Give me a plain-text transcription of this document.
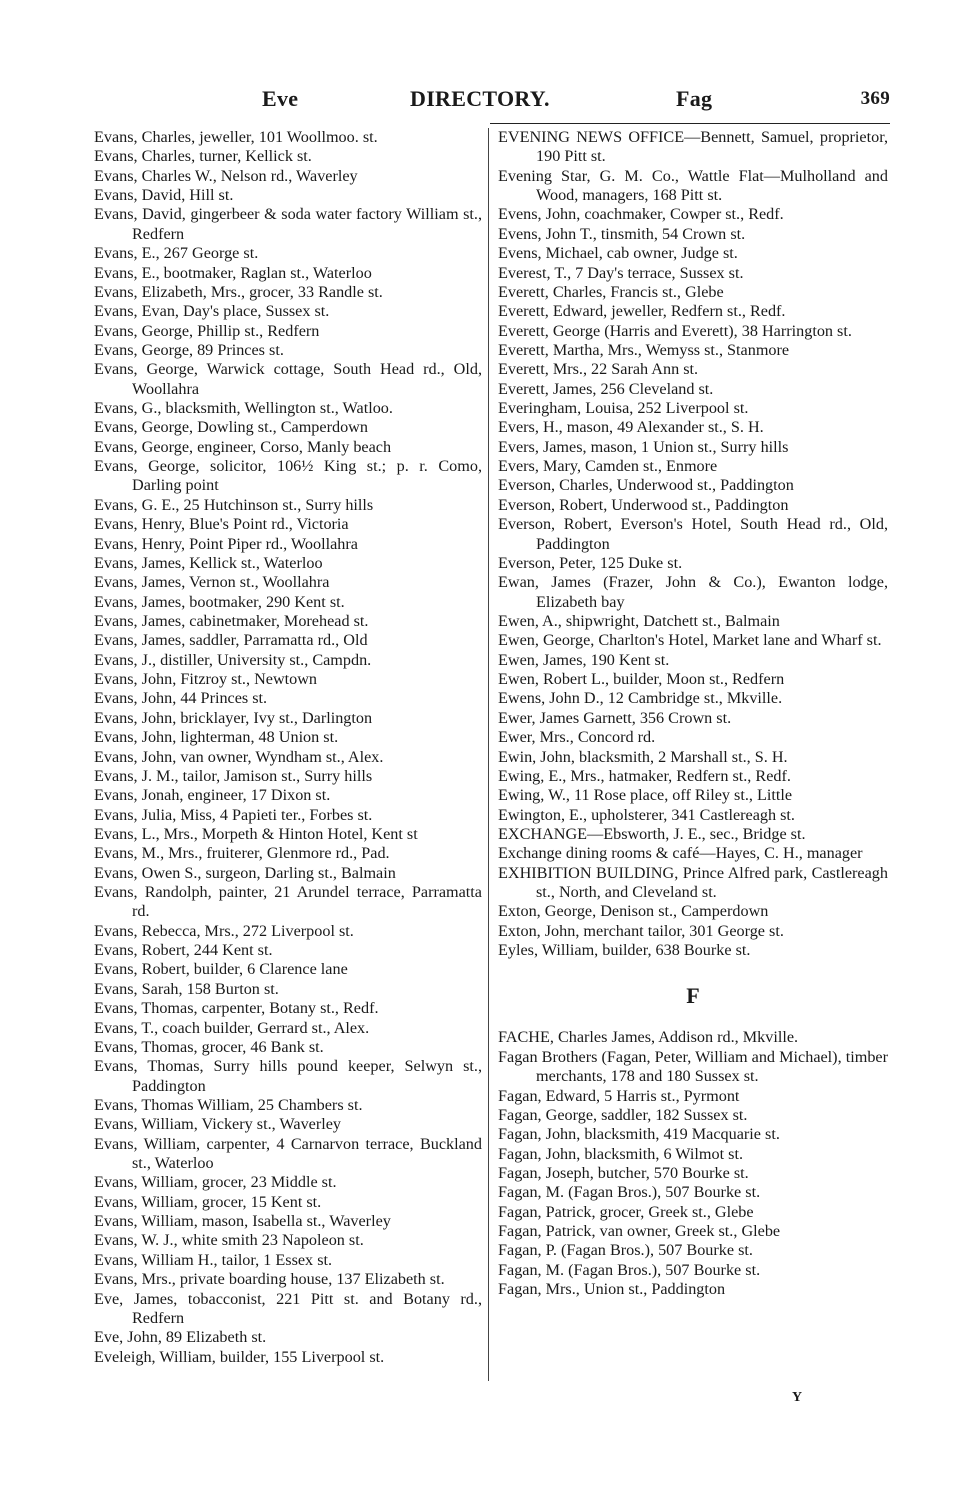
Eve	DIRECTORY.	Fag	369
Evans, Charles, jeweller, 101 Woollmoo. st.
Evans, Charles, turner, Kellick st.
Evans, Charles W., Nelson rd., Waverley
Evans, David, Hill st.
Evans, David, gingerbeer & soda water factory William st., Redfern
Evans, E., 267 George st.
Evans, E., bootmaker, Raglan st., Waterloo
Evans, Elizabeth, Mrs., grocer, 33 Randle st.
Evans, Evan, Day's place, Sussex st.
Evans, George, Phillip st., Redfern
Evans, George, 89 Princes st.
Evans, George, Warwick cottage, South Head rd., Old, Woollahra
Evans, G., blacksmith, Wellington st., Watloo.
Evans, George, Dowling st., Camperdown
Evans, George, engineer, Corso, Manly beach
Evans, George, solicitor, 106½ King st.; p. r. Como, Darling point
Evans, G. E., 25 Hutchinson st., Surry hills
Evans, Henry, Blue's Point rd., Victoria
Evans, Henry, Point Piper rd., Woollahra
Evans, James, Kellick st., Waterloo
Evans, James, Vernon st., Woollahra
Evans, James, bootmaker, 290 Kent st.
Evans, James, cabinetmaker, Morehead st.
Evans, James, saddler, Parramatta rd., Old
Evans, J., distiller, University st., Campdn.
Evans, John, Fitzroy st., Newtown
Evans, John, 44 Princes st.
Evans, John, bricklayer, Ivy st., Darlington
Evans, John, lighterman, 48 Union st.
Evans, John, van owner, Wyndham st., Alex.
Evans, J. M., tailor, Jamison st., Surry hills
Evans, Jonah, engineer, 17 Dixon st.
Evans, Julia, Miss, 4 Papieti ter., Forbes st.
Evans, L., Mrs., Morpeth & Hinton Hotel, Kent st
Evans, M., Mrs., fruiterer, Glenmore rd., Pad.
Evans, Owen S., surgeon, Darling st., Balmain
Evans, Randolph, painter, 21 Arundel terrace, Parramatta rd.
Evans, Rebecca, Mrs., 272 Liverpool st.
Evans, Robert, 244 Kent st.
Evans, Robert, builder, 6 Clarence lane
Evans, Sarah, 158 Burton st.
Evans, Thomas, carpenter, Botany st., Redf.
Evans, T., coach builder, Gerrard st., Alex.
Evans, Thomas, grocer, 46 Bank st.
Evans, Thomas, Surry hills pound keeper, Selwyn st., Paddington
Evans, Thomas William, 25 Chambers st.
Evans, William, Vickery st., Waverley
Evans, William, carpenter, 4 Carnarvon terrace, Buckland st., Waterloo
Evans, William, grocer, 23 Middle st.
Evans, William, grocer, 15 Kent st.
Evans, William, mason, Isabella st., Waverley
Evans, W. J., white smith 23 Napoleon st.
Evans, William H., tailor, 1 Essex st.
Evans, Mrs., private boarding house, 137 Elizabeth st.
Eve, James, tobacconist, 221 Pitt st. and Botany rd., Redfern
Eve, John, 89 Elizabeth st.
Eveleigh, William, builder, 155 Liverpool st.
EVENING NEWS OFFICE—Bennett, Samuel, proprietor, 190 Pitt st.
Evening Star, G. M. Co., Wattle Flat—Mulholland and Wood, managers, 168 Pitt st.
Evens, John, coachmaker, Cowper st., Redf.
Evens, John T., tinsmith, 54 Crown st.
Evens, Michael, cab owner, Judge st.
Everest, T., 7 Day's terrace, Sussex st.
Everett, Charles, Francis st., Glebe
Everett, Edward, jeweller, Redfern st., Redf.
Everett, George (Harris and Everett), 38 Harrington st.
Everett, Martha, Mrs., Wemyss st., Stanmore
Everett, Mrs., 22 Sarah Ann st.
Everett, James, 256 Cleveland st.
Everingham, Louisa, 252 Liverpool st.
Evers, H., mason, 49 Alexander st., S. H.
Evers, James, mason, 1 Union st., Surry hills
Evers, Mary, Camden st., Enmore
Everson, Charles, Underwood st., Paddington
Everson, Robert, Underwood st., Paddington
Everson, Robert, Everson's Hotel, South Head rd., Old, Paddington
Everson, Peter, 125 Duke st.
Ewan, James (Frazer, John & Co.), Ewanton lodge, Elizabeth bay
Ewen, A., shipwright, Datchett st., Balmain
Ewen, George, Charlton's Hotel, Market lane and Wharf st.
Ewen, James, 190 Kent st.
Ewen, Robert L., builder, Moon st., Redfern
Ewens, John D., 12 Cambridge st., Mkville.
Ewer, James Garnett, 356 Crown st.
Ewer, Mrs., Concord rd.
Ewin, John, blacksmith, 2 Marshall st., S. H.
Ewing, E., Mrs., hatmaker, Redfern st., Redf.
Ewing, W., 11 Rose place, off Riley st., Little
Ewington, E., upholsterer, 341 Castlereagh st.
EXCHANGE—Ebsworth, J. E., sec., Bridge st.
Exchange dining rooms & café—Hayes, C. H., manager
EXHIBITION BUILDING, Prince Alfred park, Castlereagh st., North, and Cleveland st.
Exton, George, Denison st., Camperdown
Exton, John, merchant tailor, 301 George st.
Eyles, William, builder, 638 Bourke st.
F
FACHE, Charles James, Addison rd., Mkville.
Fagan Brothers (Fagan, Peter, William and Michael), timber merchants, 178 and 180 Sussex st.
Fagan, Edward, 5 Harris st., Pyrmont
Fagan, George, saddler, 182 Sussex st.
Fagan, John, blacksmith, 419 Macquarie st.
Fagan, John, blacksmith, 6 Wilmot st.
Fagan, Joseph, butcher, 570 Bourke st.
Fagan, M. (Fagan Bros.), 507 Bourke st.
Fagan, Patrick, grocer, Greek st., Glebe
Fagan, Patrick, van owner, Greek st., Glebe
Fagan, P. (Fagan Bros.), 507 Bourke st.
Fagan, M. (Fagan Bros.), 507 Bourke st.
Fagan, Mrs., Union st., Paddington
Y
